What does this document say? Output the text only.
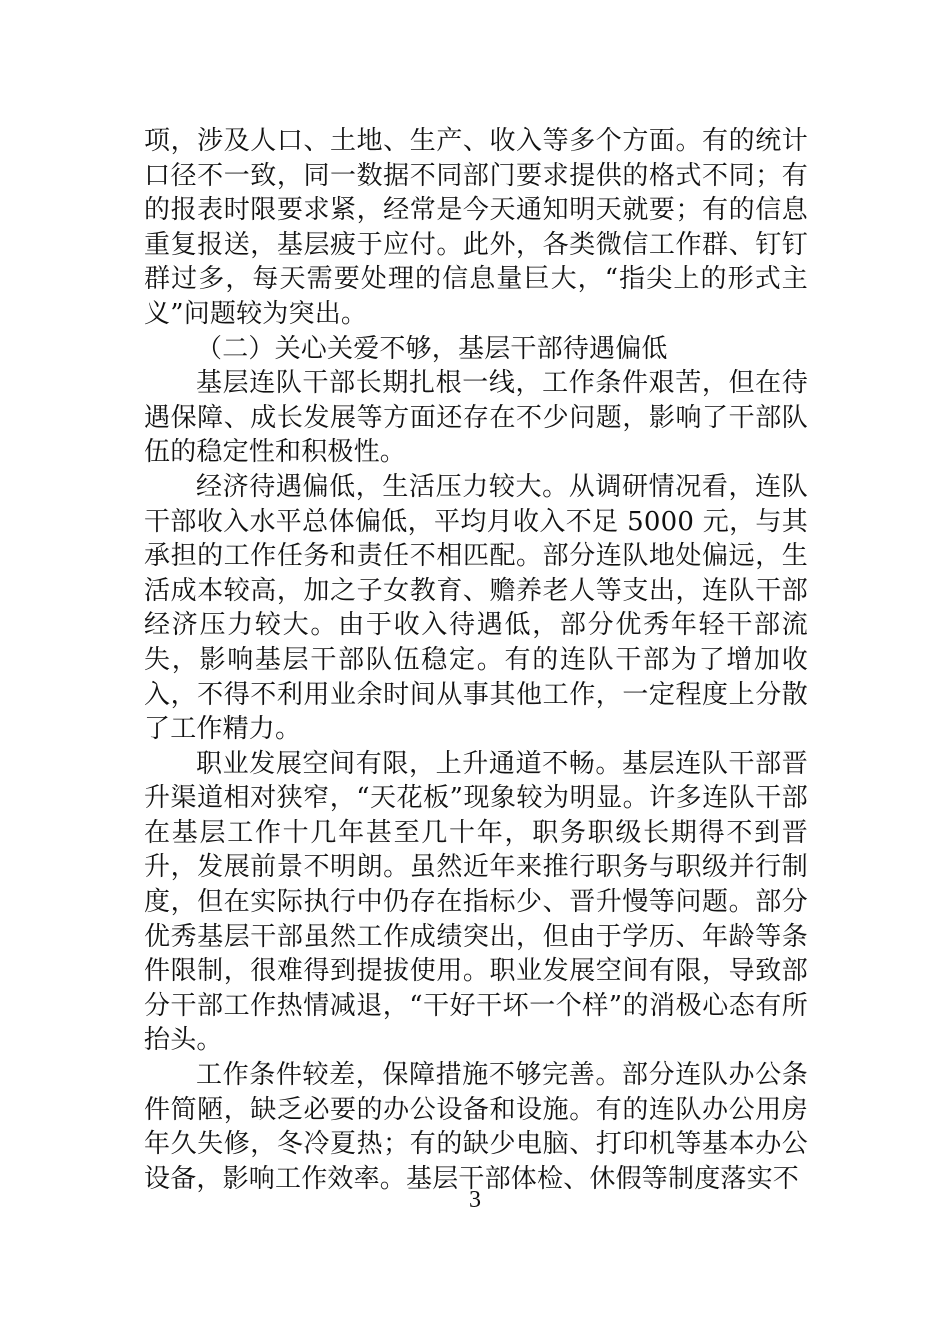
项，涉及人口、土地、生产、收入等多个方面。有的统计口径不一致，同一数据不同部门要求提供的格式不同；有的报表时限要求紧，经常是今天通知明天就要；有的信息重复报送，基层疲于应付。此外，各类微信工作群、钉钉群过多，每天需要处理的信息量巨大，“指尖上的形式主义”问题较为突出。

（二）关心关爱不够，基层干部待遇偏低

基层连队干部长期扎根一线，工作条件艰苦，但在待遇保障、成长发展等方面还存在不少问题，影响了干部队伍的稳定性和积极性。

经济待遇偏低，生活压力较大。从调研情况看，连队干部收入水平总体偏低，平均月收入不足 5000 元，与其承担的工作任务和责任不相匹配。部分连队地处偏远，生活成本较高，加之子女教育、赡养老人等支出，连队干部经济压力较大。由于收入待遇低，部分优秀年轻干部流失，影响基层干部队伍稳定。有的连队干部为了增加收入，不得不利用业余时间从事其他工作，一定程度上分散了工作精力。

职业发展空间有限，上升通道不畅。基层连队干部晋升渠道相对狭窄，“天花板”现象较为明显。许多连队干部在基层工作十几年甚至几十年，职务职级长期得不到晋升，发展前景不明朗。虽然近年来推行职务与职级并行制度，但在实际执行中仍存在指标少、晋升慢等问题。部分优秀基层干部虽然工作成绩突出，但由于学历、年龄等条件限制，很难得到提拔使用。职业发展空间有限，导致部分干部工作热情减退，“干好干坏一个样”的消极心态有所抬头。

工作条件较差，保障措施不够完善。部分连队办公条件简陋，缺乏必要的办公设备和设施。有的连队办公用房年久失修，冬冷夏热；有的缺少电脑、打印机等基本办公设备，影响工作效率。基层干部体检、休假等制度落实不

3
